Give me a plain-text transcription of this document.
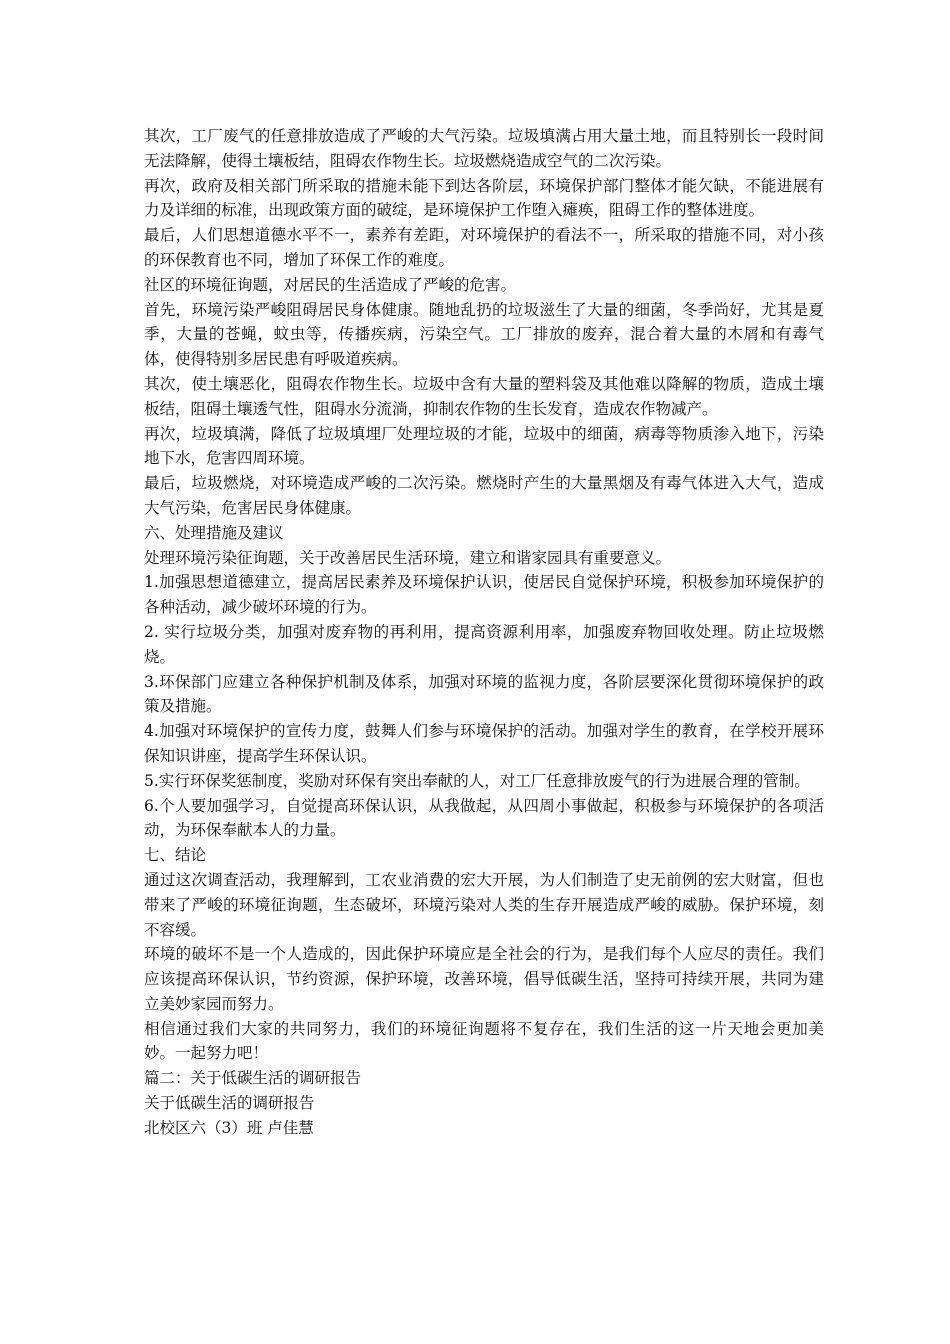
其次，工厂废气的任意排放造成了严峻的大气污染。垃圾填满占用大量土地，而且特别长一段时间无法降解，使得土壤板结，阻碍农作物生长。垃圾燃烧造成空气的二次污染。

再次，政府及相关部门所采取的措施未能下到达各阶层，环境保护部门整体才能欠缺，不能进展有力及详细的标准，出现政策方面的破绽，是环境保护工作堕入瘫痪，阻碍工作的整体进度。

最后，人们思想道德水平不一，素养有差距，对环境保护的看法不一，所采取的措施不同，对小孩的环保教育也不同，增加了环保工作的难度。

社区的环境征询题，对居民的生活造成了严峻的危害。

首先，环境污染严峻阻碍居民身体健康。随地乱扔的垃圾滋生了大量的细菌，冬季尚好，尤其是夏季，大量的苍蝇，蚊虫等，传播疾病，污染空气。工厂排放的废弃，混合着大量的木屑和有毒气体，使得特别多居民患有呼吸道疾病。

其次，使土壤恶化，阻碍农作物生长。垃圾中含有大量的塑料袋及其他难以降解的物质，造成土壤板结，阻碍土壤透气性，阻碍水分流淌，抑制农作物的生长发育，造成农作物减产。

再次，垃圾填满，降低了垃圾填埋厂处理垃圾的才能，垃圾中的细菌，病毒等物质渗入地下，污染地下水，危害四周环境。

最后，垃圾燃烧，对环境造成严峻的二次污染。燃烧时产生的大量黑烟及有毒气体进入大气，造成大气污染，危害居民身体健康。

六、处理措施及建议

处理环境污染征询题，关于改善居民生活环境，建立和谐家园具有重要意义。

1.加强思想道德建立，提高居民素养及环境保护认识，使居民自觉保护环境，积极参加环境保护的各种活动，减少破坏环境的行为。

2. 实行垃圾分类，加强对废弃物的再利用，提高资源利用率，加强废弃物回收处理。防止垃圾燃烧。

3.环保部门应建立各种保护机制及体系，加强对环境的监视力度，各阶层要深化贯彻环境保护的政策及措施。

4.加强对环境保护的宣传力度，鼓舞人们参与环境保护的活动。加强对学生的教育，在学校开展环保知识讲座，提高学生环保认识。

5.实行环保奖惩制度，奖励对环保有突出奉献的人，对工厂任意排放废气的行为进展合理的管制。

6.个人要加强学习，自觉提高环保认识，从我做起，从四周小事做起，积极参与环境保护的各项活动，为环保奉献本人的力量。

七、结论

通过这次调查活动，我理解到，工农业消费的宏大开展，为人们制造了史无前例的宏大财富，但也带来了严峻的环境征询题，生态破坏，环境污染对人类的生存开展造成严峻的威胁。保护环境，刻不容缓。

环境的破坏不是一个人造成的，因此保护环境应是全社会的行为，是我们每个人应尽的责任。我们应该提高环保认识，节约资源，保护环境，改善环境，倡导低碳生活，坚持可持续开展，共同为建立美妙家园而努力。

相信通过我们大家的共同努力，我们的环境征询题将不复存在，我们生活的这一片天地会更加美妙。一起努力吧！

篇二：关于低碳生活的调研报告

关于低碳生活的调研报告

北校区六（3）班 卢佳慧
